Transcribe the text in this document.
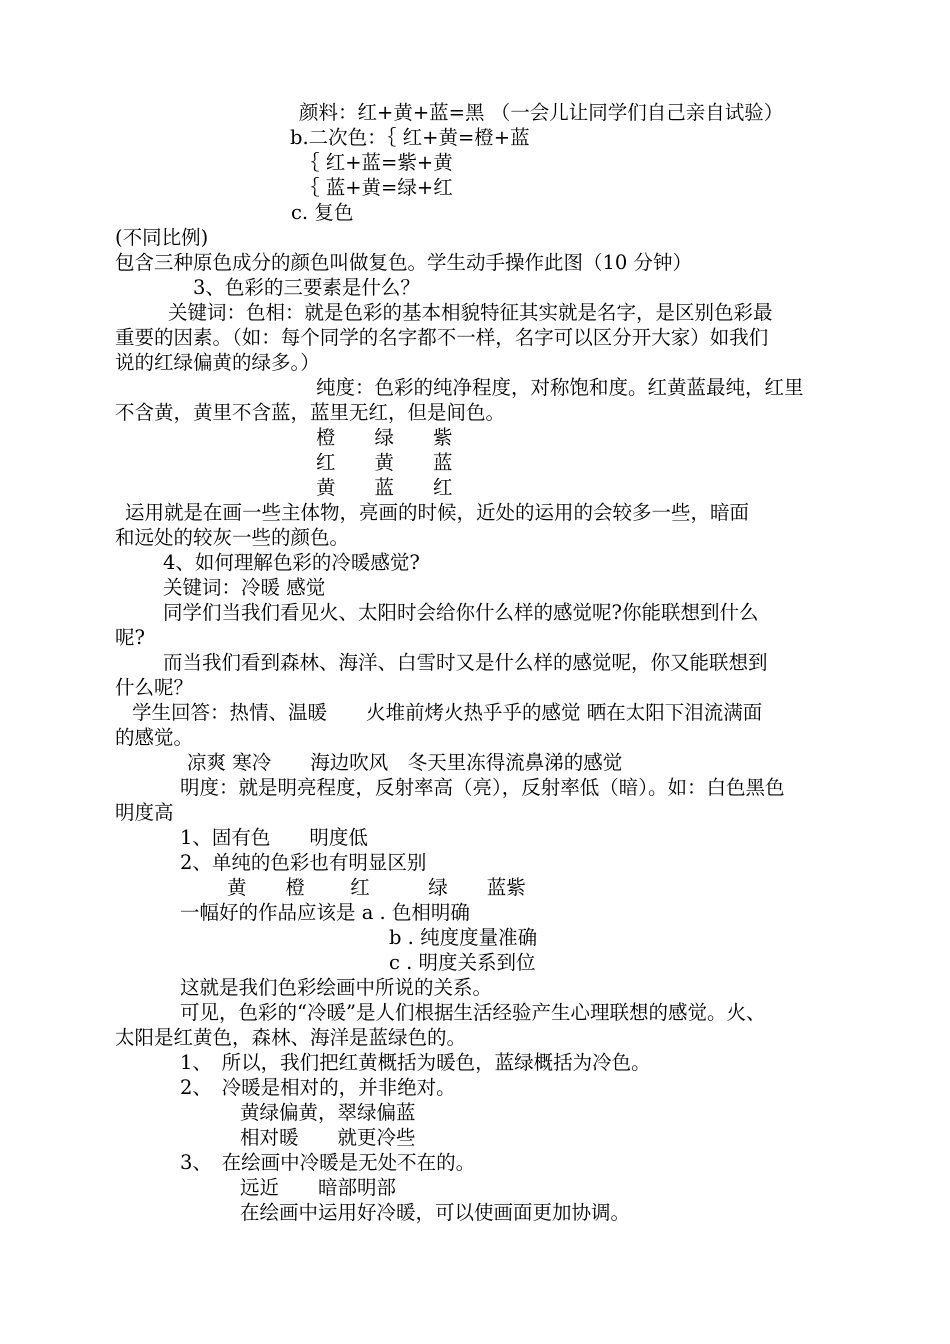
颜料：红+黄+蓝=黑 （一会儿让同学们自己亲自试验）
b.二次色：｛ 红+黄=橙+蓝
｛ 红+蓝=紫+黄
｛ 蓝+黄=绿+红
c. 复色
(不同比例)
包含三种原色成分的颜色叫做复色。学生动手操作此图（10 分钟）
3、色彩的三要素是什么？
关键词：色相：就是色彩的基本相貌特征其实就是名字，是区别色彩最
重要的因素。（如：每个同学的名字都不一样，名字可以区分开大家）如我们
说的红绿偏黄的绿多。）
纯度：色彩的纯净程度，对称饱和度。红黄蓝最纯，红里
不含黄，黄里不含蓝，蓝里无红，但是间色。
橙　　绿　　紫
红　　黄　　蓝
黄　　蓝　　红
运用就是在画一些主体物，亮画的时候，近处的运用的会较多一些，暗面
和远处的较灰一些的颜色。
4、如何理解色彩的冷暖感觉?
关键词：冷暖 感觉
同学们当我们看见火、太阳时会给你什么样的感觉呢?你能联想到什么
呢?
而当我们看到森林、海洋、白雪时又是什么样的感觉呢，你又能联想到
什么呢？
学生回答：热情、温暖　　火堆前烤火热乎乎的感觉 晒在太阳下泪流满面
的感觉。
凉爽 寒冷　　海边吹风　冬天里冻得流鼻涕的感觉
明度：就是明亮程度，反射率高（亮），反射率低（暗）。如：白色黑色
明度高
1、固有色　　明度低
2、单纯的色彩也有明显区别
黄　　橙　　 红　　　绿　　蓝紫
一幅好的作品应该是 a . 色相明确
b . 纯度度量准确
c . 明度关系到位
这就是我们色彩绘画中所说的关系。
可见，色彩的“冷暖”是人们根据生活经验产生心理联想的感觉。火、
太阳是红黄色，森林、海洋是蓝绿色的。
1、　所以，我们把红黄概括为暖色，蓝绿概括为冷色。
2、　冷暖是相对的，并非绝对。
黄绿偏黄，翠绿偏蓝
相对暖　　就更冷些
3、　在绘画中冷暖是无处不在的。
远近　　暗部明部
在绘画中运用好冷暖，可以使画面更加协调。
